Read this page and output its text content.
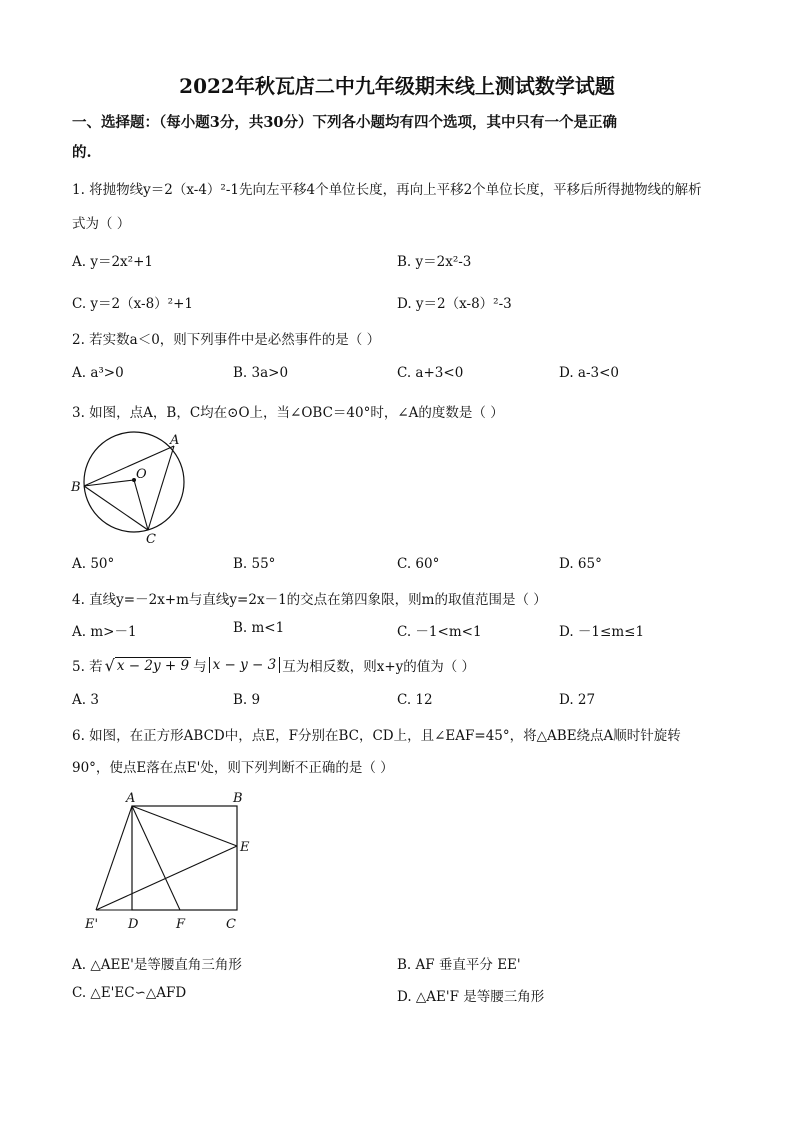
2022年秋瓦店二中九年级期末线上测试数学试题
一、选择题：（每小题3分，共30分）下列各小题均有四个选项，其中只有一个是正确
的.
1. 将抛物线y＝2（x-4）²-1先向左平移4个单位长度，再向上平移2个单位长度，平移后所得抛物线的解析
式为（ ）
A. y＝2x²+1	B. y＝2x²-3
C. y＝2（x-8）²+1	D. y＝2（x-8）²-3
2. 若实数a＜0，则下列事件中是必然事件的是（ ）
A. a³>0	B. 3a>0	C. a+3<0	D. a-3<0
3. 如图，点A，B，C均在⊙O上，当∠OBC＝40°时，∠A的度数是（ ）
A
B
O
C
A. 50°	B. 55°	C. 60°	D. 65°
4. 直线y=－2x+m与直线y=2x－1的交点在第四象限，则m的取值范围是（ ）
A. m>－1	B. m<1	C. －1<m<1	D. －1≤m≤1
5. 若 √ x − 2y + 9 与 x − y − 3 互为相反数，则x+y的值为（ ）
A. 3	B. 9	C. 12	D. 27
6. 如图，在正方形ABCD中，点E，F分别在BC，CD上，且∠EAF=45°，将△ABE绕点A顺时针旋转
90°，使点E落在点E'处，则下列判断不正确的是（ ）
A	B
E
E' D	F	C
A. △AEE'是等腰直角三角形	B. AF 垂直平分 EE'
C. △E'EC∽△AFD	D. △AE'F 是等腰三角形
